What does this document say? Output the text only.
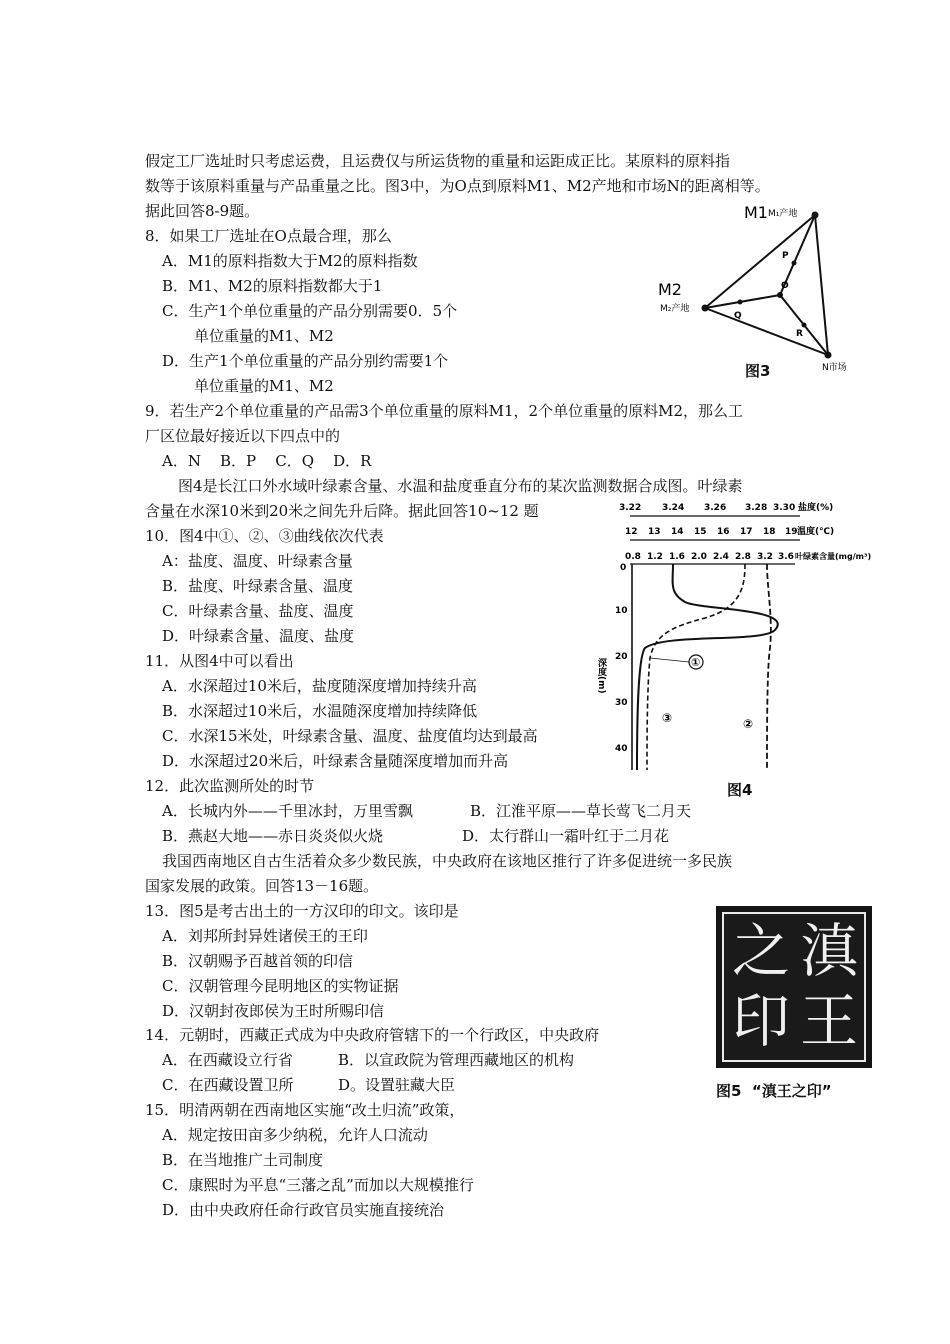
假定工厂选址时只考虑运费，且运费仅与所运货物的重量和运距成正比。某原料的原料指
数等于该原料重量与产品重量之比。图3中，为O点到原料M1、M2产地和市场N的距离相等。
据此回答8-9题。
8．如果工厂选址在O点最合理，那么
A．M1的原料指数大于M2的原料指数
B．M1、M2的原料指数都大于1
C．生产1个单位重量的产品分别需要0．5个
单位重量的M1、M2
D．生产1个单位重量的产品分别约需要1个
单位重量的M1、M2
9．若生产2个单位重量的产品需3个单位重量的原料M1，2个单位重量的原料M2，那么工
厂区位最好接近以下四点中的
A．N    B．P    C．Q    D．R
图4是长江口外水域叶绿素含量、水温和盐度垂直分布的某次监测数据合成图。叶绿素
含量在水深10米到20米之间先升后降。据此回答10~12 题
10．图4中①、②、③曲线依次代表
A：盐度、温度、叶绿素含量
B．盐度、叶绿素含量、温度
C．叶绿素含量、盐度、温度
D．叶绿素含量、温度、盐度
11．从图4中可以看出
A．水深超过10米后，盐度随深度增加持续升高
B．水深超过10米后，水温随深度增加持续降低
C．水深15米处，叶绿素含量、温度、盐度值均达到最高
D．水深超过20米后，叶绿素含量随深度增加而升高
12．此次监测所处的时节
A．长城内外——千里冰封，万里雪飘	B．江淮平原——草长莺飞二月天
B．燕赵大地——赤日炎炎似火烧	D．太行群山一霜叶红于二月花
我国西南地区自古生活着众多少数民族，中央政府在该地区推行了许多促进统一多民族
国家发展的政策。回答13－16题。
13．图5是考古出土的一方汉印的印文。该印是
A．刘邦所封异姓诸侯王的王印
B．汉朝赐予百越首领的印信
C．汉朝管理今昆明地区的实物证据
D．汉朝封夜郎侯为王时所赐印信
14．元朝时，西藏正式成为中央政府管辖下的一个行政区，中央政府
A．在西藏设立行省	B．以宣政院为管理西藏地区的机构
C．在西藏设置卫所	D。设置驻藏大臣
15．明清两朝在西南地区实施“改土归流”政策，
A．规定按田亩多少纳税，允许人口流动
B．在当地推广土司制度
C．康熙时为平息“三藩之乱”而加以大规模推行
D．由中央政府任命行政官员实施直接统治
M1 M₁产地
M2
M₂产地
N市场
P
Q
R
O
图3
3.22 3.24 3.26 3.28 3.30 盐度(%)
12 13 14 15 16 17 18 19 温度(℃)
0.8 1.2 1.6 2.0 2.4 2.8 3.2 3.6 叶绿素含量(mg/m³)
0
10
20
30
40
深度(m)	①
③	②
图4
滇
王
之
印
图5  “滇王之印”
